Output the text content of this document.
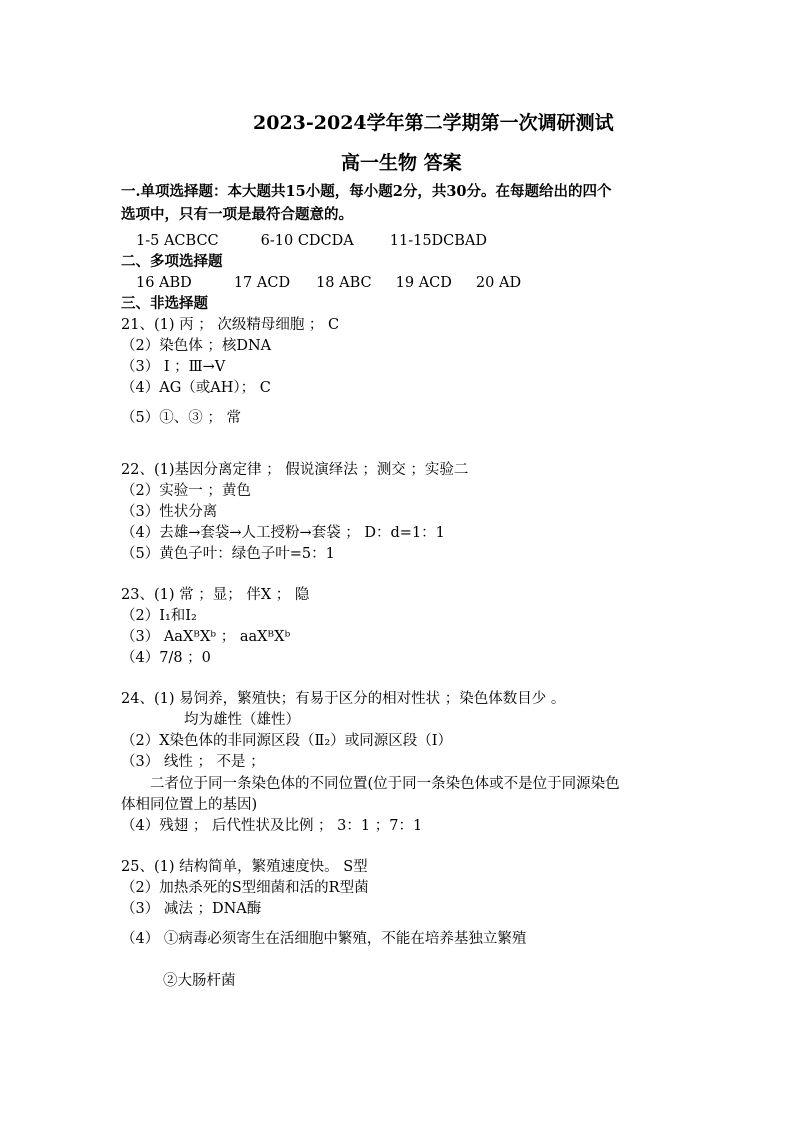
2023-2024学年第二学期第一次调研测试
高一生物 答案
一.单项选择题：本大题共15小题，每小题2分，共30分。在每题给出的四个
选项中，只有一项是最符合题意的。
1-5 ACBCC	6-10 CDCDA 11-15DCBAD
二、多项选择题
16 ABD	17 ACD 18 ABC 19 ACD 20 AD
三、非选择题
21、(1) 丙 ； 次级精母细胞 ； C
（2）染色体 ；核DNA
（3） Ⅰ ；Ⅲ→Ⅴ
（4）AG（或AH）； C
（5）①、③ ； 常
22、(1)基因分离定律 ； 假说演绎法 ；测交 ；实验二
（2）实验一 ；黄色
（3）性状分离
（4）去雄→套袋→人工授粉→套袋 ； D：d=1：1
（5）黄色子叶：绿色子叶=5：1
23、(1) 常 ；显； 伴X ； 隐
（2）Ⅰ₁和Ⅰ₂
（3） AaXᴮXᵇ ； aaXᴮXᵇ
（4）7/8 ；0
24、(1) 易饲养，繁殖快；有易于区分的相对性状 ；染色体数目少 。
均为雄性（雄性）
（2）X染色体的非同源区段（Ⅱ₂）或同源区段（Ⅰ）
（3） 线性 ； 不是 ；
二者位于同一条染色体的不同位置(位于同一条染色体或不是位于同源染色
体相同位置上的基因)
（4）残翅 ； 后代性状及比例 ； 3：1 ；7：1
25、(1) 结构简单，繁殖速度快。 S型
（2）加热杀死的S型细菌和活的R型菌
（3） 减法 ；DNA酶
（4） ①病毒必须寄生在活细胞中繁殖，不能在培养基独立繁殖
②大肠杆菌
